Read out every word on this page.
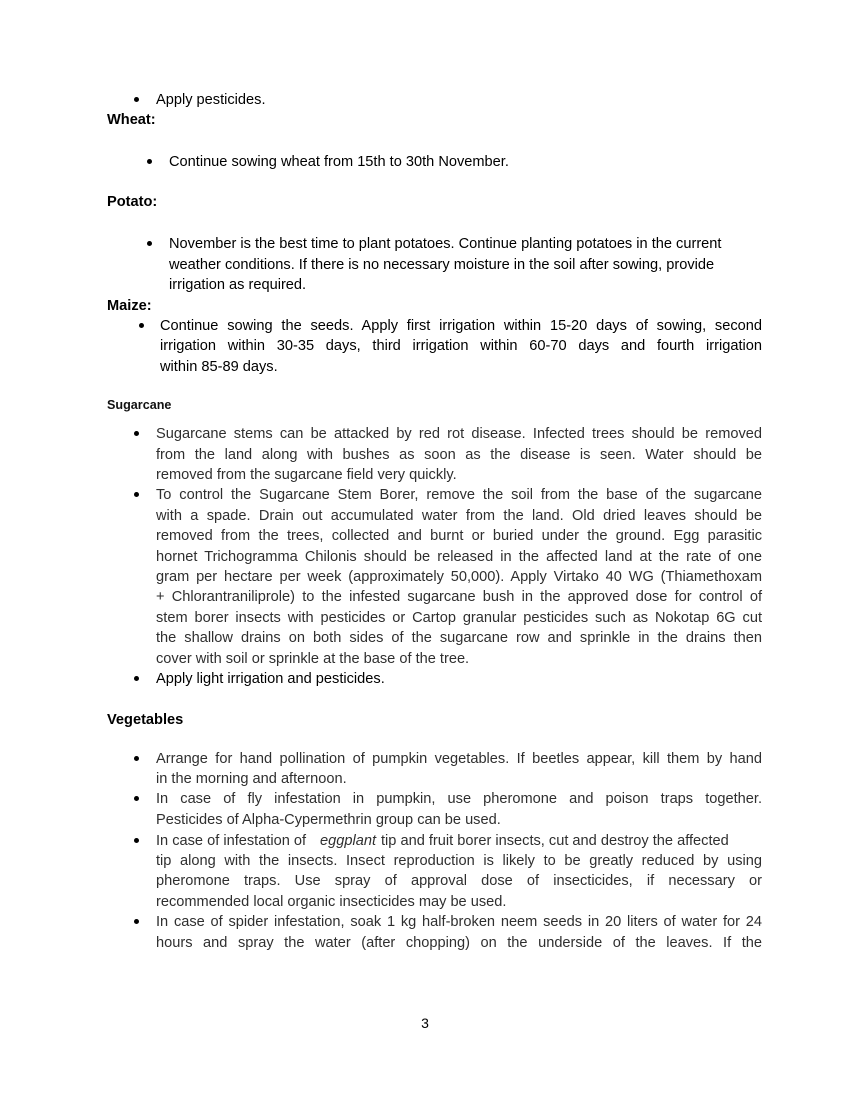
Apply pesticides.
Wheat:
Continue sowing wheat from 15th to 30th November.
Potato:
November is the best time to plant potatoes. Continue planting potatoes in the current
weather conditions. If there is no necessary moisture in the soil after sowing, provide
irrigation as required.
Maize:
Continue sowing the seeds. Apply first irrigation within 15-20 days of sowing, second
irrigation within 30-35 days, third irrigation within 60-70 days and fourth irrigation
within 85-89 days.
Sugarcane
Sugarcane stems can be attacked by red rot disease. Infected trees should be removed
from the land along with bushes as soon as the disease is seen. Water should be
removed from the sugarcane field very quickly.
To control the Sugarcane Stem Borer, remove the soil from the base of the sugarcane
with a spade. Drain out accumulated water from the land. Old dried leaves should be
removed from the trees, collected and burnt or buried under the ground. Egg parasitic
hornet Trichogramma Chilonis should be released in the affected land at the rate of one
gram per hectare per week (approximately 50,000). Apply Virtako 40 WG (Thiamethoxam
+ Chlorantraniliprole) to the infested sugarcane bush in the approved dose for control of
stem borer insects with pesticides or Cartop granular pesticides such as Nokotap 6G cut
the shallow drains on both sides of the sugarcane row and sprinkle in the drains then
cover with soil or sprinkle at the base of the tree.
Apply light irrigation and pesticides.
Vegetables
Arrange for hand pollination of pumpkin vegetables. If beetles appear, kill them by hand
in the morning and afternoon.
In case of fly infestation in pumpkin, use pheromone and poison traps together.
Pesticides of Alpha-Cypermethrin group can be used.
In case of infestation of eggplant tip and fruit borer insects, cut and destroy the affected
tip along with the insects. Insect reproduction is likely to be greatly reduced by using
pheromone traps. Use spray of approval dose of insecticides, if necessary or
recommended local organic insecticides may be used.
In case of spider infestation, soak 1 kg half-broken neem seeds in 20 liters of water for 24
hours and spray the water (after chopping) on the underside of the leaves. If the
3
